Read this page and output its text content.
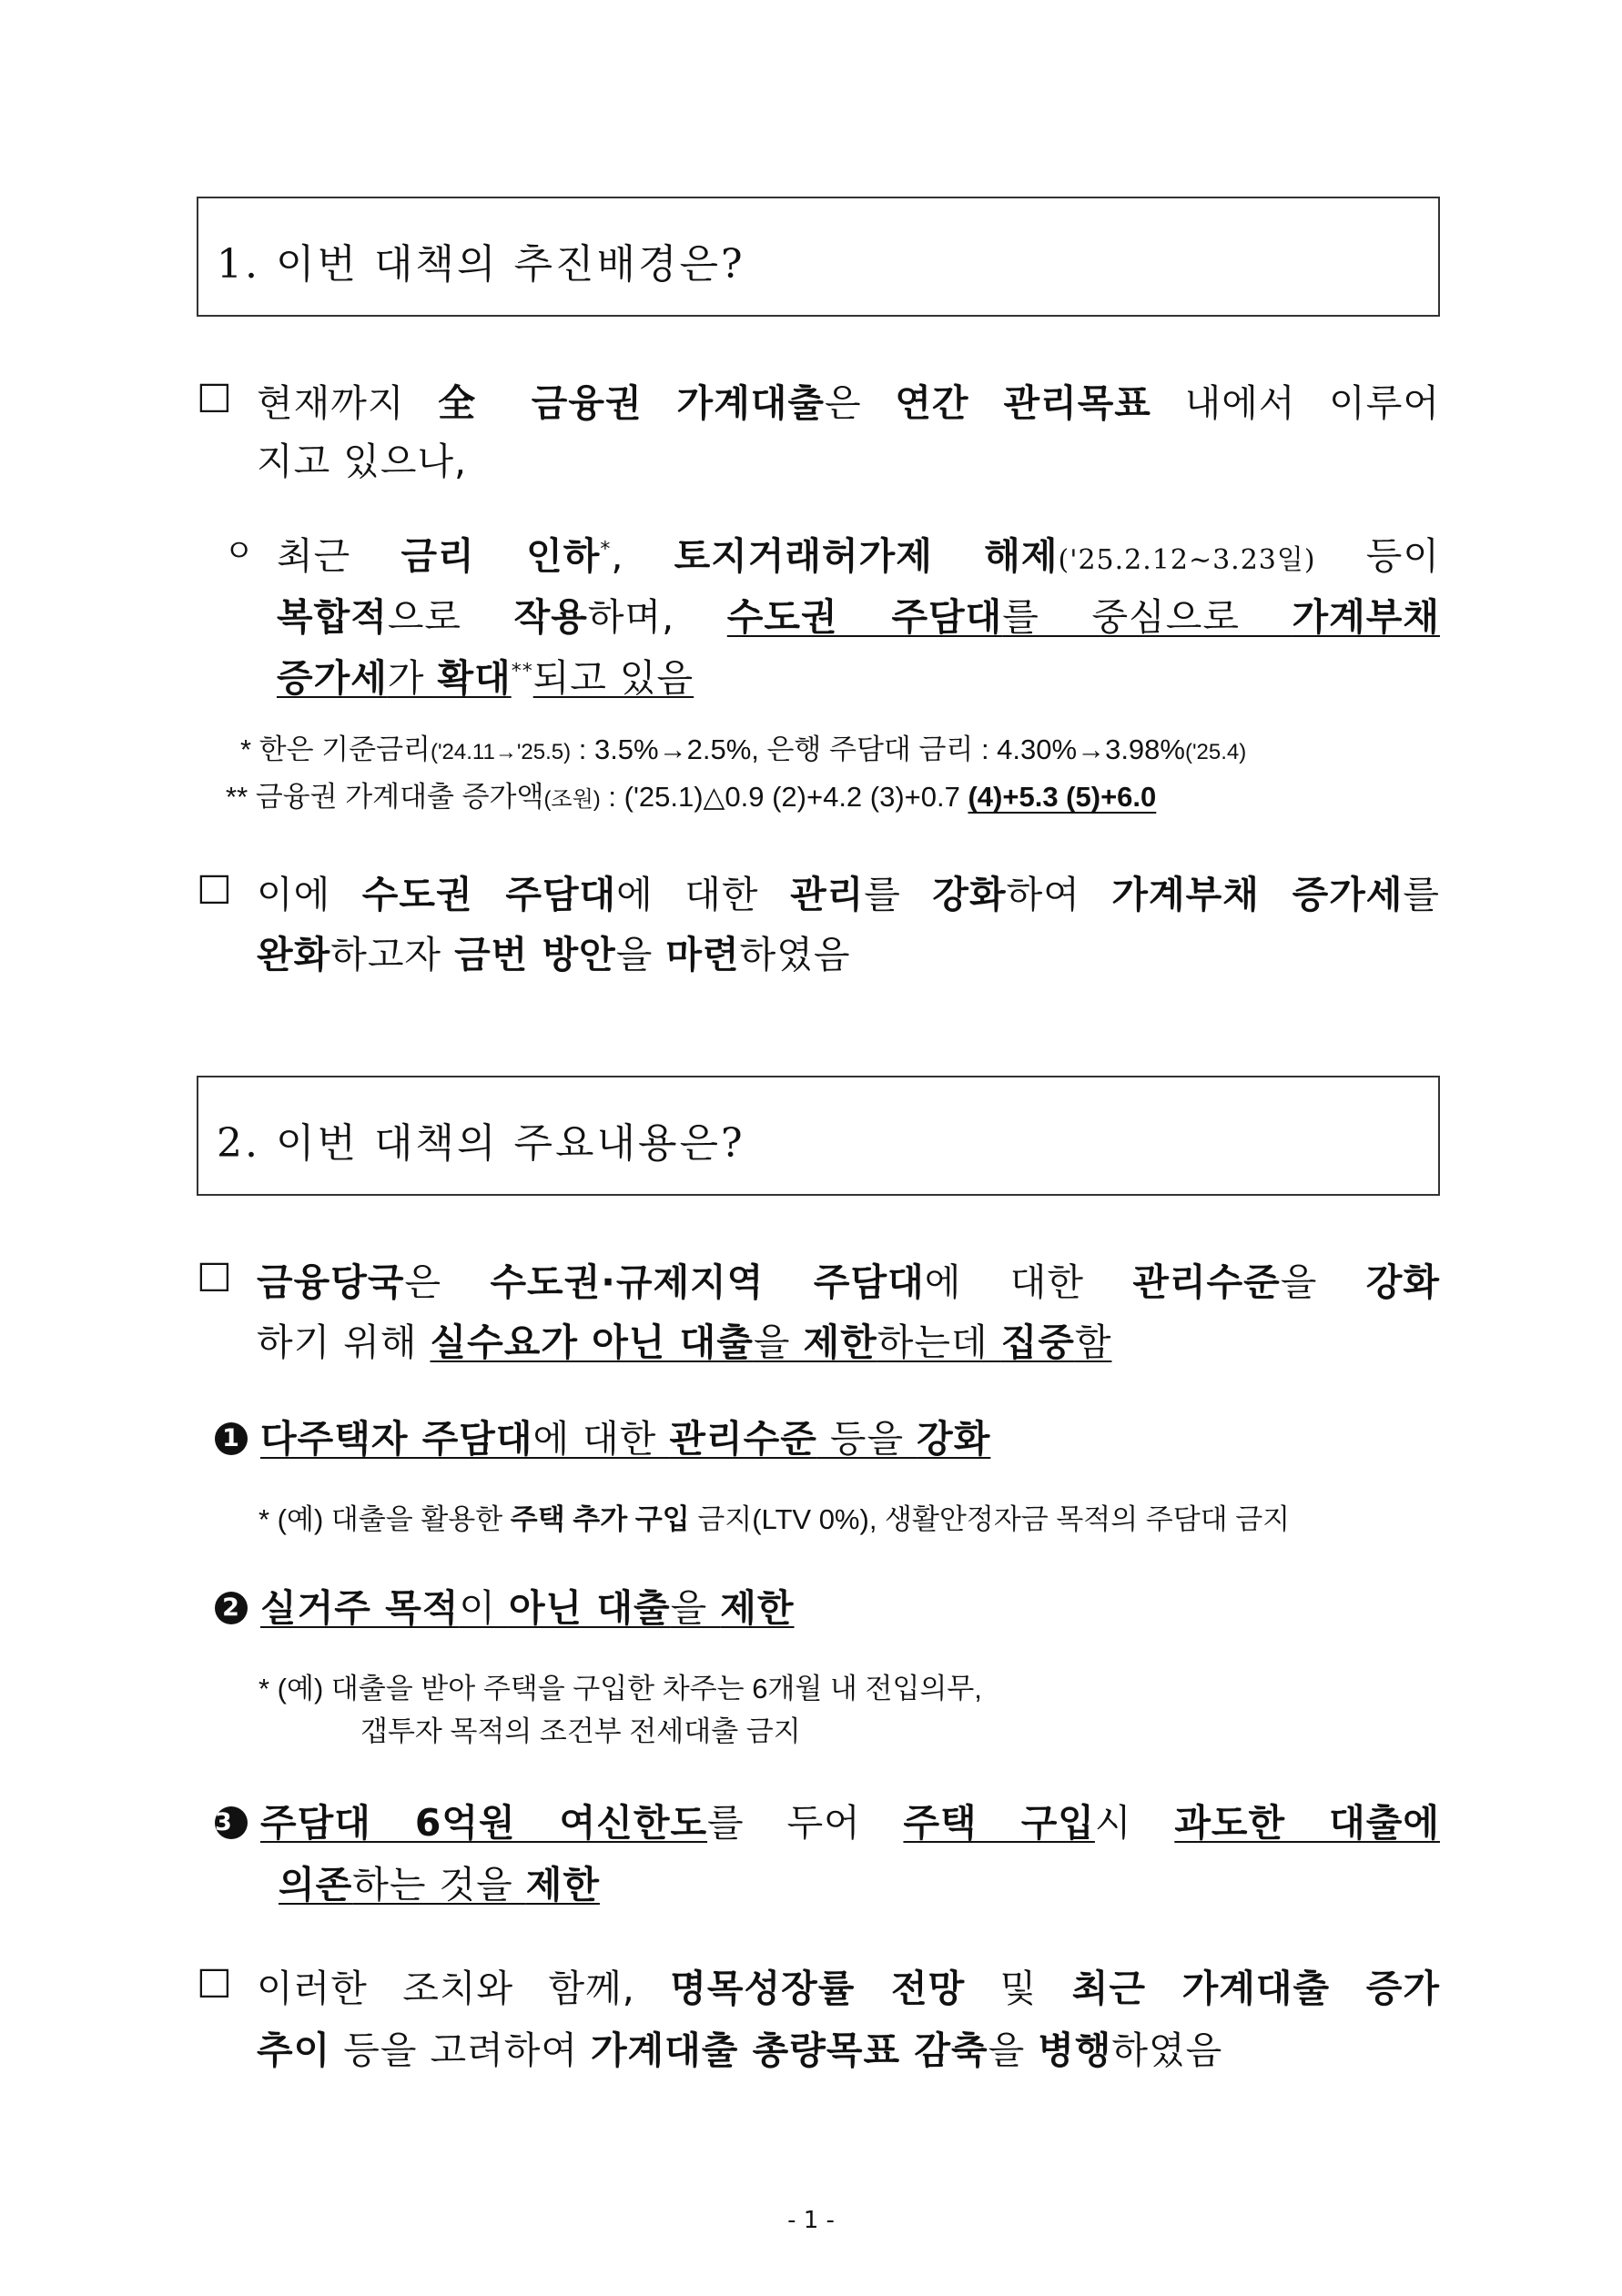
1. 이번 대책의 추진배경은?
□ 현재까지 全 금융권 가계대출은 연간 관리목표 내에서 이루어
지고 있으나,
ㅇ 최근 금리 인하*, 토지거래허가제 해제('25.2.12∼3.23일) 등이
복합적으로 작용하며, 수도권 주담대를 중심으로 가계부채
증가세가 확대**되고 있음
* 한은 기준금리('24.11→'25.5) : 3.5%→2.5%, 은행 주담대 금리 : 4.30%→3.98%('25.4)
** 금융권 가계대출 증가액(조원) : ('25.1)△0.9 (2)+4.2 (3)+0.7 (4)+5.3 (5)+6.0
□ 이에 수도권 주담대에 대한 관리를 강화하여 가계부채 증가세를
완화하고자 금번 방안을 마련하였음
2. 이번 대책의 주요내용은?
□ 금융당국은 수도권·규제지역 주담대에 대한 관리수준을 강화
하기 위해 실수요가 아닌 대출을 제한하는데 집중함
1 다주택자 주담대에 대한 관리수준 등을 강화
* (예) 대출을 활용한 주택 추가 구입 금지(LTV 0%), 생활안정자금 목적의 주담대 금지
2 실거주 목적이 아닌 대출을 제한
* (예) 대출을 받아 주택을 구입한 차주는 6개월 내 전입의무,
갭투자 목적의 조건부 전세대출 금지
3 주담대 6억원 여신한도를 두어 주택 구입시 과도한 대출에
의존하는 것을 제한
□ 이러한 조치와 함께, 명목성장률 전망 및 최근 가계대출 증가
추이 등을 고려하여 가계대출 총량목표 감축을 병행하였음
- 1 -
